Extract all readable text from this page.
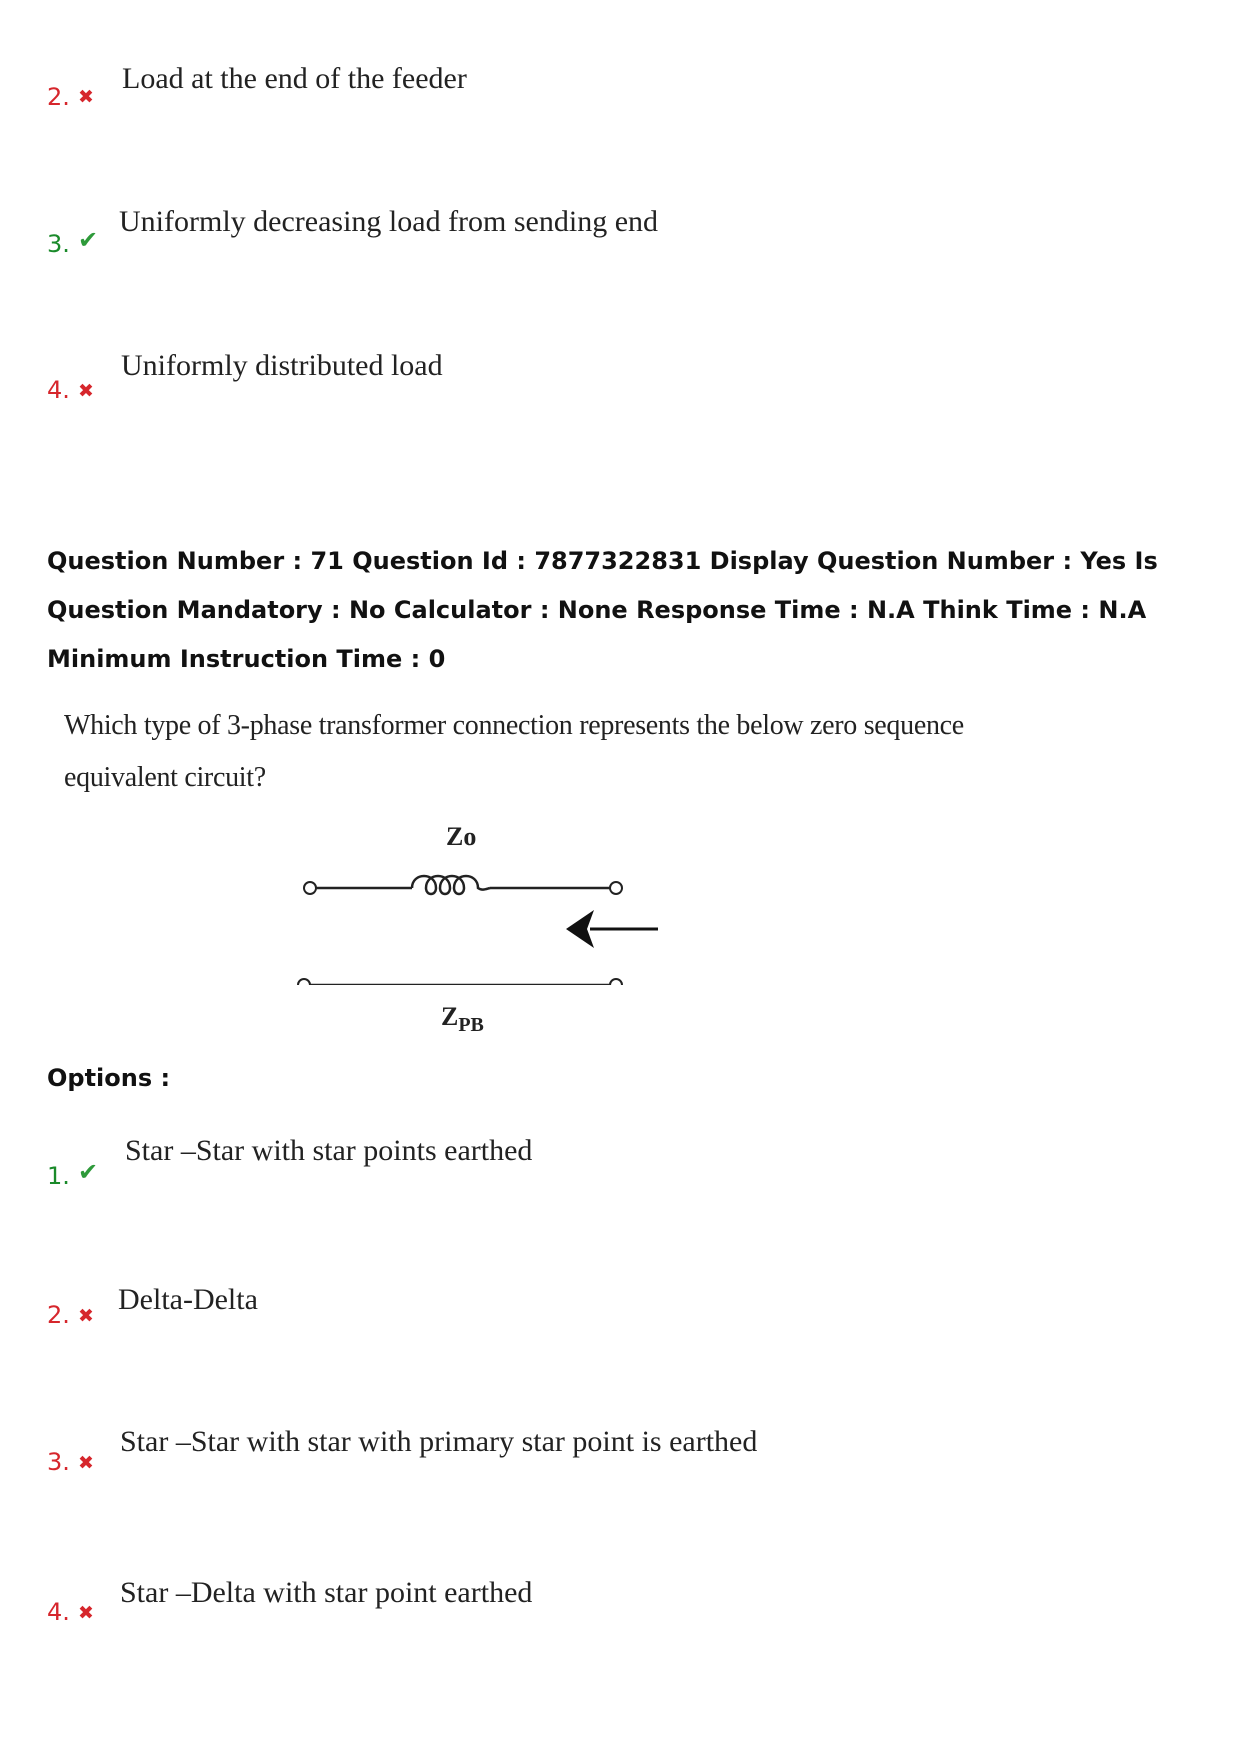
2. ✖
Load at the end of the feeder
3. ✔
Uniformly decreasing load from sending end
4. ✖
Uniformly distributed load
Question Number : 71 Question Id : 7877322831 Display Question Number : Yes Is Question Mandatory : No Calculator : None Response Time : N.A Think Time : N.A Minimum Instruction Time : 0
Which type of 3-phase transformer connection represents the below zero sequence equivalent circuit?
Zo
$Z_{PB}$
Options :
1. ✔
Star –Star with star points earthed
2. ✖ Delta-Delta
3. ✖
Star –Star with star with primary star point is earthed
4. ✖
Star –Delta with star point earthed
